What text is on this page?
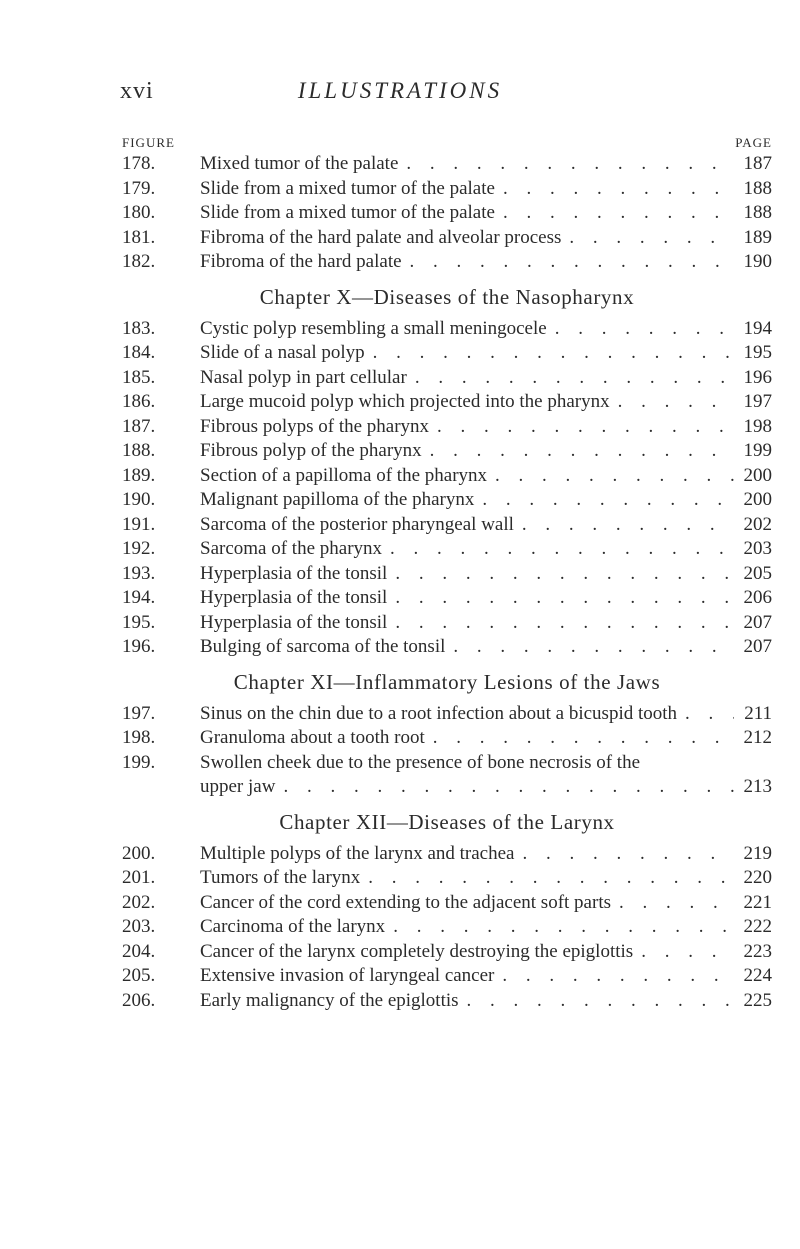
xvi	ILLUSTRATIONS
FIGURE	PAGE
178.	Mixed tumor of the palate . . .	187
179.	Slide from a mixed tumor of the palate . . .	188
180.	Slide from a mixed tumor of the palate . . .	188
181.	Fibroma of the hard palate and alveolar process . . .	189
182.	Fibroma of the hard palate . . .	190
Chapter X—Diseases of the Nasopharynx
183.	Cystic polyp resembling a small meningocele . . .	194
184.	Slide of a nasal polyp . . .	195
185.	Nasal polyp in part cellular . . .	196
186.	Large mucoid polyp which projected into the pharynx . . .	197
187.	Fibrous polyps of the pharynx . . .	198
188.	Fibrous polyp of the pharynx . . .	199
189.	Section of a papilloma of the pharynx . . .	200
190.	Malignant papilloma of the pharynx . . .	200
191.	Sarcoma of the posterior pharyngeal wall . . .	202
192.	Sarcoma of the pharynx . . .	203
193.	Hyperplasia of the tonsil . . .	205
194.	Hyperplasia of the tonsil . . .	206
195.	Hyperplasia of the tonsil . . .	207
196.	Bulging of sarcoma of the tonsil . . .	207
Chapter XI—Inflammatory Lesions of the Jaws
197.	Sinus on the chin due to a root infection about a bicuspid tooth . . .	211
198.	Granuloma about a tooth root . . .	212
199.	Swollen cheek due to the presence of bone necrosis of the
upper jaw . . .	213
Chapter XII—Diseases of the Larynx
200.	Multiple polyps of the larynx and trachea . . .	219
201.	Tumors of the larynx . . .	220
202.	Cancer of the cord extending to the adjacent soft parts . . .	221
203.	Carcinoma of the larynx . . .	222
204.	Cancer of the larynx completely destroying the epiglottis . . .	223
205.	Extensive invasion of laryngeal cancer . . .	224
206.	Early malignancy of the epiglottis . . .	225
